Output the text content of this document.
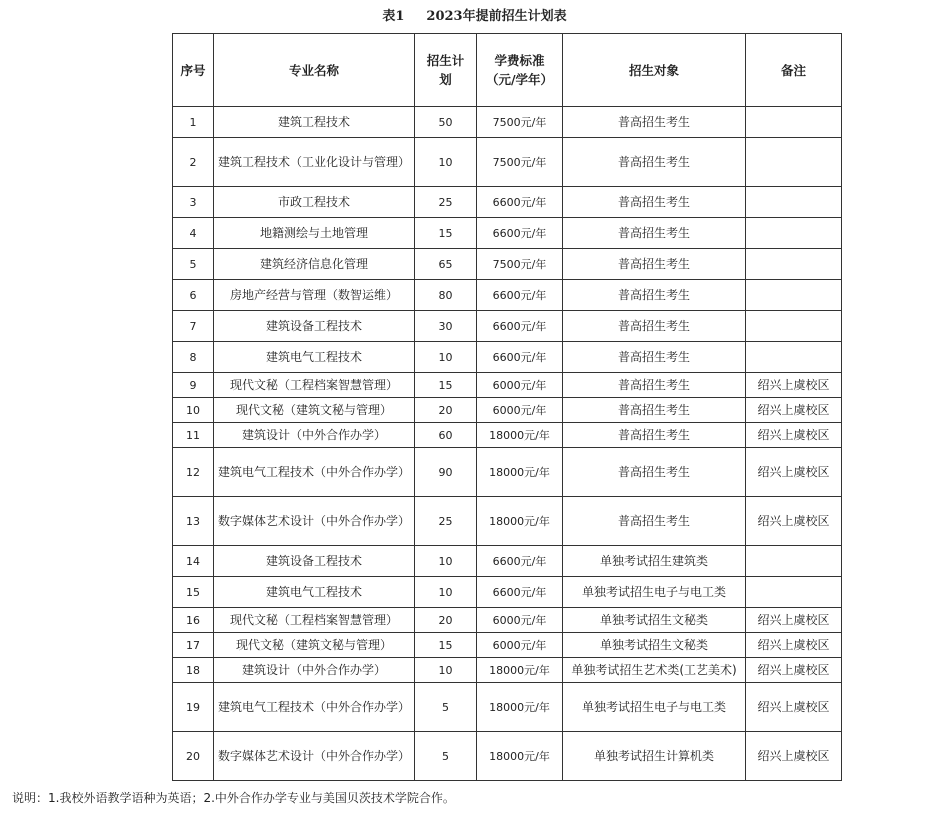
表1 2023年提前招生计划表
序号	专业名称	招生计划	学费标准（元/学年）	招生对象	备注
1	建筑工程技术	50	7500元/年	普高招生考生	
2	建筑工程技术（工业化设计与管理）	10	7500元/年	普高招生考生	
3	市政工程技术	25	6600元/年	普高招生考生	
4	地籍测绘与土地管理	15	6600元/年	普高招生考生	
5	建筑经济信息化管理	65	7500元/年	普高招生考生	
6	房地产经营与管理（数智运维）	80	6600元/年	普高招生考生	
7	建筑设备工程技术	30	6600元/年	普高招生考生	
8	建筑电气工程技术	10	6600元/年	普高招生考生	
9	现代文秘（工程档案智慧管理）	15	6000元/年	普高招生考生	绍兴上虞校区
10	现代文秘（建筑文秘与管理）	20	6000元/年	普高招生考生	绍兴上虞校区
11	建筑设计（中外合作办学）	60	18000元/年	普高招生考生	绍兴上虞校区
12	建筑电气工程技术（中外合作办学）	90	18000元/年	普高招生考生	绍兴上虞校区
13	数字媒体艺术设计（中外合作办学）	25	18000元/年	普高招生考生	绍兴上虞校区
14	建筑设备工程技术	10	6600元/年	单独考试招生建筑类	
15	建筑电气工程技术	10	6600元/年	单独考试招生电子与电工类	
16	现代文秘（工程档案智慧管理）	20	6000元/年	单独考试招生文秘类	绍兴上虞校区
17	现代文秘（建筑文秘与管理）	15	6000元/年	单独考试招生文秘类	绍兴上虞校区
18	建筑设计（中外合作办学）	10	18000元/年	单独考试招生艺术类(工艺美术)	绍兴上虞校区
19	建筑电气工程技术（中外合作办学）	5	18000元/年	单独考试招生电子与电工类	绍兴上虞校区
20	数字媒体艺术设计（中外合作办学）	5	18000元/年	单独考试招生计算机类	绍兴上虞校区
说明：1.我校外语教学语种为英语；2.中外合作办学专业与美国贝茨技术学院合作。
